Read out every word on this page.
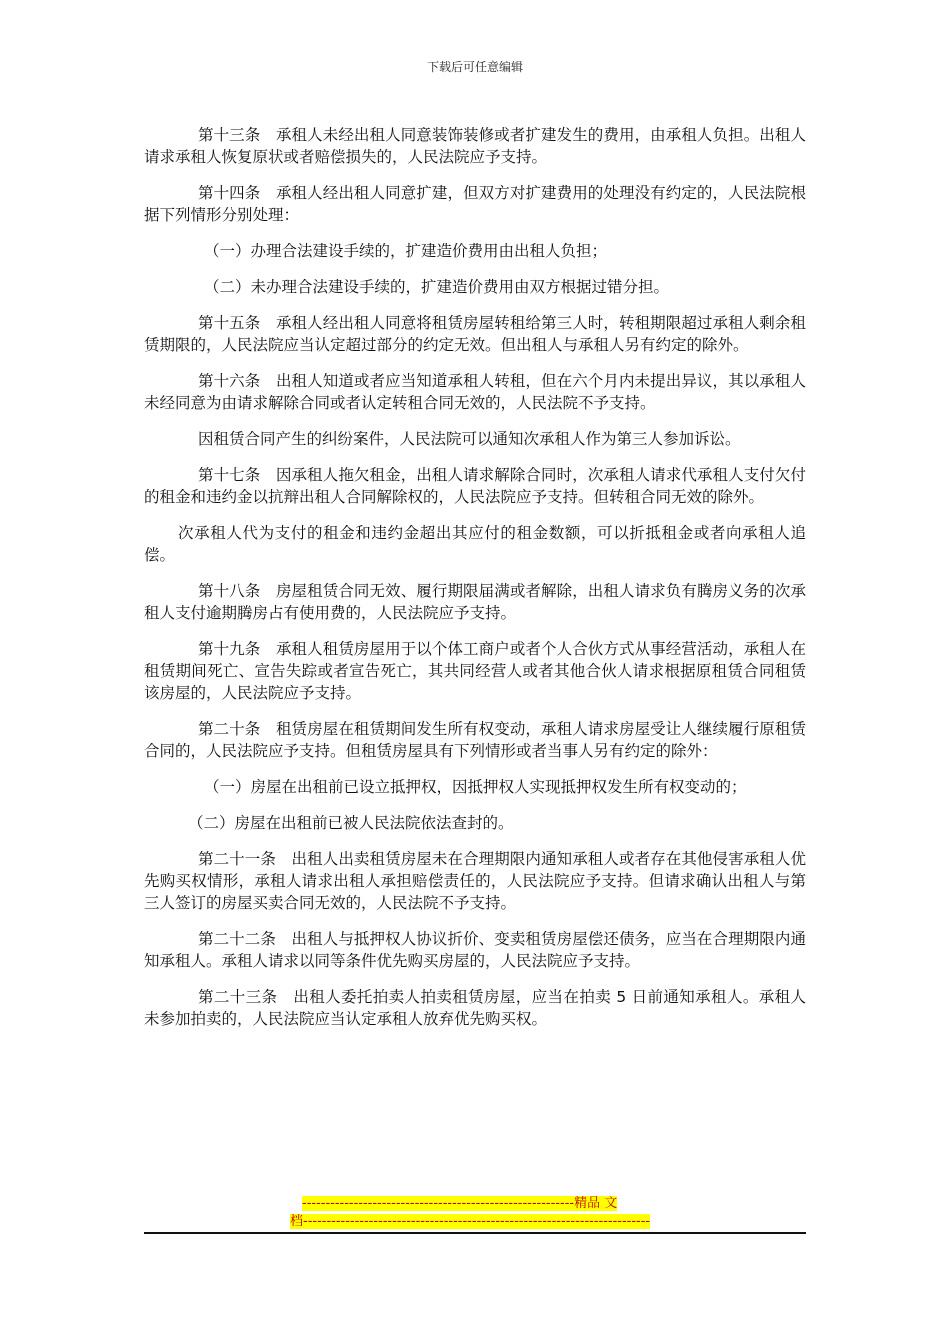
下载后可任意编辑

第十三条　承租人未经出租人同意装饰装修或者扩建发生的费用，由承租人负担。出租人请求承租人恢复原状或者赔偿损失的，人民法院应予支持。

第十四条　承租人经出租人同意扩建，但双方对扩建费用的处理没有约定的，人民法院根据下列情形分别处理：

（一）办理合法建设手续的，扩建造价费用由出租人负担；

（二）未办理合法建设手续的，扩建造价费用由双方根据过错分担。

第十五条　承租人经出租人同意将租赁房屋转租给第三人时，转租期限超过承租人剩余租赁期限的，人民法院应当认定超过部分的约定无效。但出租人与承租人另有约定的除外。

第十六条　出租人知道或者应当知道承租人转租，但在六个月内未提出异议，其以承租人未经同意为由请求解除合同或者认定转租合同无效的，人民法院不予支持。

因租赁合同产生的纠纷案件，人民法院可以通知次承租人作为第三人参加诉讼。

第十七条　因承租人拖欠租金，出租人请求解除合同时，次承租人请求代承租人支付欠付的租金和违约金以抗辩出租人合同解除权的，人民法院应予支持。但转租合同无效的除外。

次承租人代为支付的租金和违约金超出其应付的租金数额，可以折抵租金或者向承租人追偿。

第十八条　房屋租赁合同无效、履行期限届满或者解除，出租人请求负有腾房义务的次承租人支付逾期腾房占有使用费的，人民法院应予支持。

第十九条　承租人租赁房屋用于以个体工商户或者个人合伙方式从事经营活动，承租人在租赁期间死亡、宣告失踪或者宣告死亡，其共同经营人或者其他合伙人请求根据原租赁合同租赁该房屋的，人民法院应予支持。

第二十条　租赁房屋在租赁期间发生所有权变动，承租人请求房屋受让人继续履行原租赁合同的，人民法院应予支持。但租赁房屋具有下列情形或者当事人另有约定的除外：

（一）房屋在出租前已设立抵押权，因抵押权人实现抵押权发生所有权变动的；

（二）房屋在出租前已被人民法院依法查封的。

第二十一条　出租人出卖租赁房屋未在合理期限内通知承租人或者存在其他侵害承租人优先购买权情形，承租人请求出租人承担赔偿责任的，人民法院应予支持。但请求确认出租人与第三人签订的房屋买卖合同无效的，人民法院不予支持。

第二十二条　出租人与抵押权人协议折价、变卖租赁房屋偿还债务，应当在合理期限内通知承租人。承租人请求以同等条件优先购买房屋的，人民法院应予支持。

第二十三条　出租人委托拍卖人拍卖租赁房屋，应当在拍卖 5 日前通知承租人。承租人未参加拍卖的，人民法院应当认定承租人放弃优先购买权。

----------------------------------------------------------精品 文
档--------------------------------------------------------------------------
